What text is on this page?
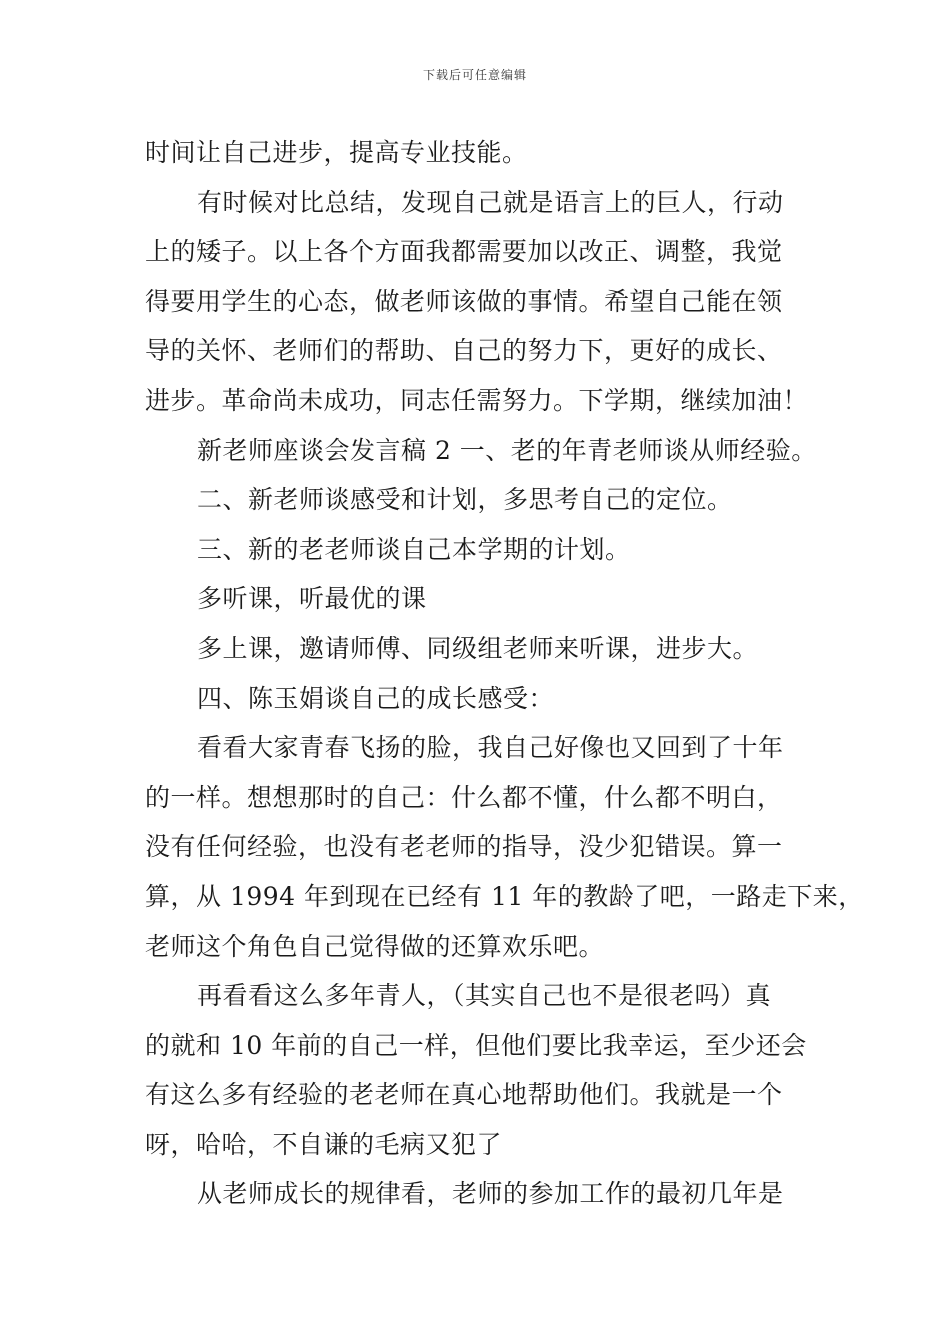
下载后可任意编辑
时间让自己进步，提高专业技能。
有时候对比总结，发现自己就是语言上的巨人，行动
上的矮子。以上各个方面我都需要加以改正、调整，我觉
得要用学生的心态，做老师该做的事情。希望自己能在领
导的关怀、老师们的帮助、自己的努力下，更好的成长、
进步。革命尚未成功，同志任需努力。下学期，继续加油！
新老师座谈会发言稿 2 一、老的年青老师谈从师经验。
二、新老师谈感受和计划，多思考自己的定位。
三、新的老老师谈自己本学期的计划。
多听课，听最优的课
多上课，邀请师傅、同级组老师来听课，进步大。
四、陈玉娟谈自己的成长感受：
看看大家青春飞扬的脸，我自己好像也又回到了十年
的一样。想想那时的自己：什么都不懂，什么都不明白，
没有任何经验，也没有老老师的指导，没少犯错误。算一
算，从 1994 年到现在已经有 11 年的教龄了吧，一路走下来，
老师这个角色自己觉得做的还算欢乐吧。
再看看这么多年青人，（其实自己也不是很老吗）真
的就和 10 年前的自己一样，但他们要比我幸运，至少还会
有这么多有经验的老老师在真心地帮助他们。我就是一个
呀，哈哈，不自谦的毛病又犯了
从老师成长的规律看，老师的参加工作的最初几年是
